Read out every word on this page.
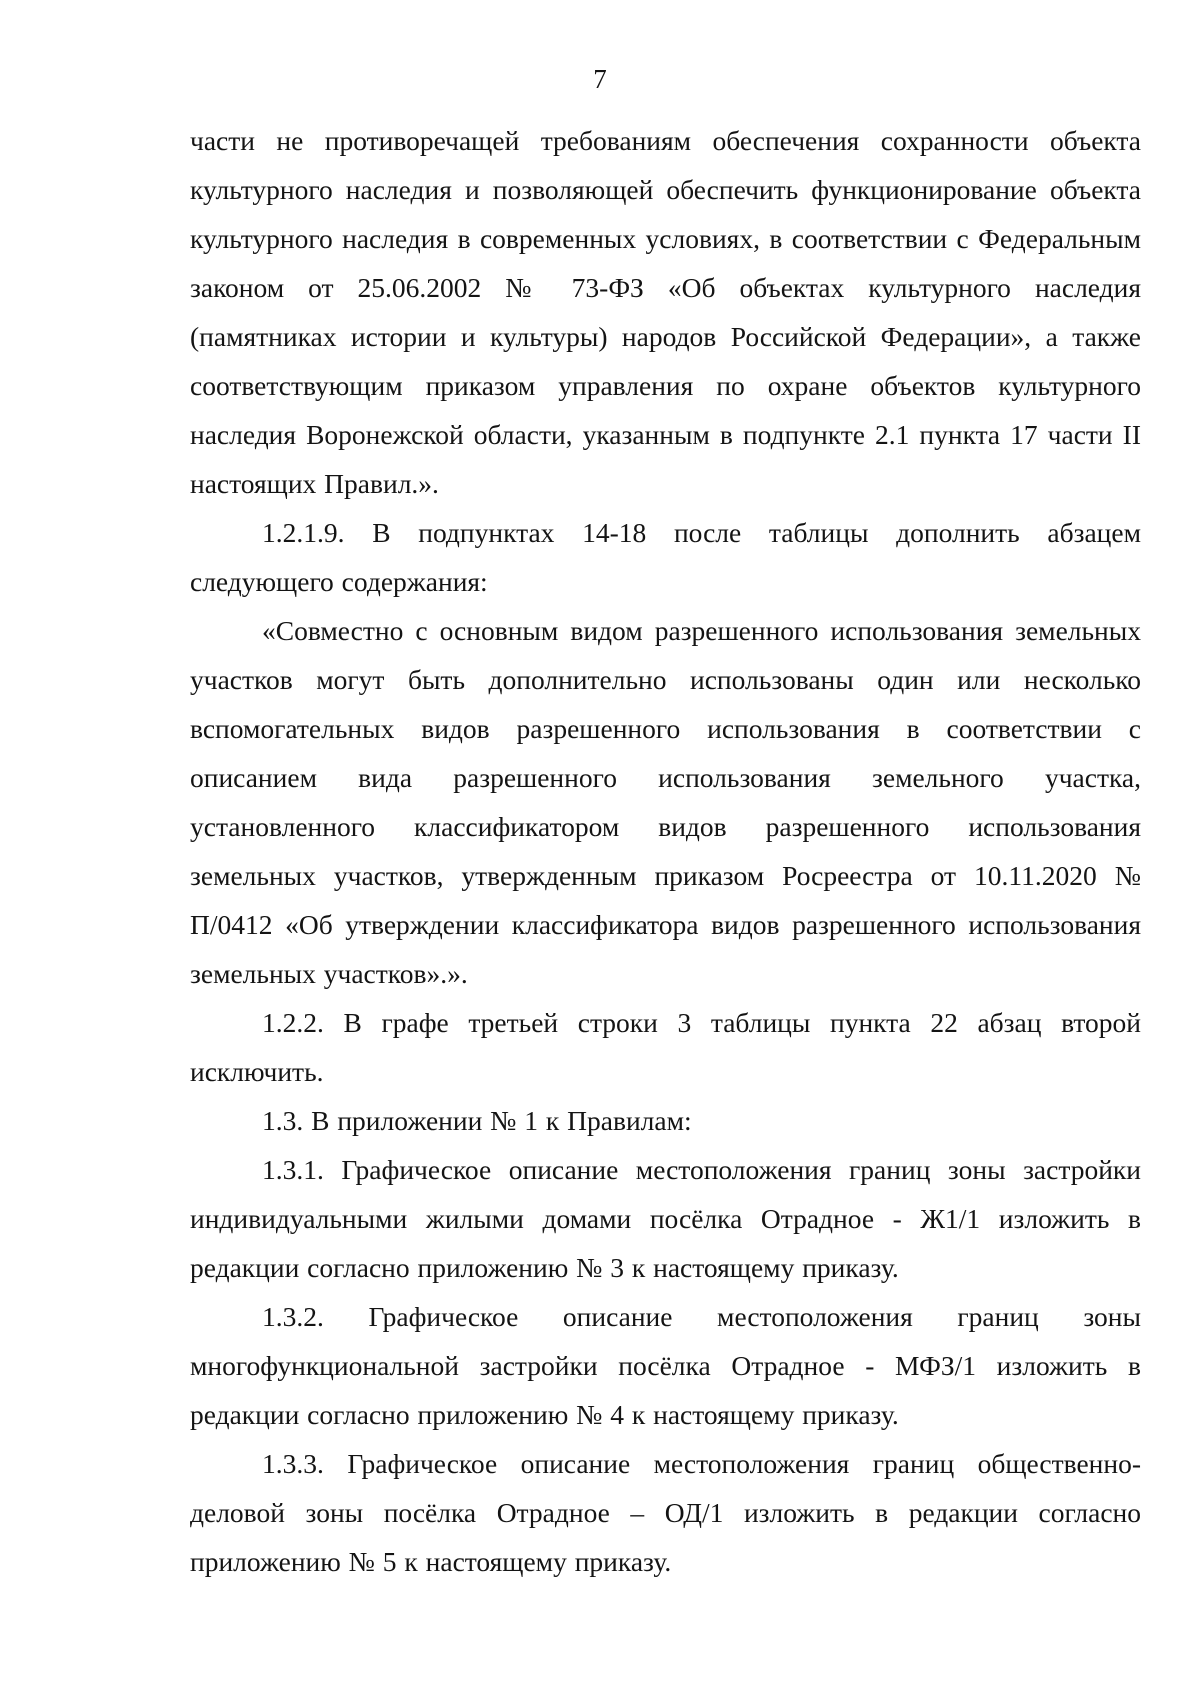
7

части не противоречащей требованиям обеспечения сохранности объекта культурного наследия и позволяющей обеспечить функционирование объекта культурного наследия в современных условиях, в соответствии с Федеральным законом от 25.06.2002 № 73-ФЗ «Об объектах культурного наследия (памятниках истории и культуры) народов Российской Федерации», а также соответствующим приказом управления по охране объектов культурного наследия Воронежской области, указанным в подпункте 2.1 пункта 17 части II настоящих Правил.».

1.2.1.9. В подпунктах 14-18 после таблицы дополнить абзацем следующего содержания:

«Совместно с основным видом разрешенного использования земельных участков могут быть дополнительно использованы один или несколько вспомогательных видов разрешенного использования в соответствии с описанием вида разрешенного использования земельного участка, установленного классификатором видов разрешенного использования земельных участков, утвержденным приказом Росреестра от 10.11.2020 № П/0412 «Об утверждении классификатора видов разрешенного использования земельных участков».».

1.2.2. В графе третьей строки 3 таблицы пункта 22 абзац второй исключить.

1.3. В приложении № 1 к Правилам:

1.3.1. Графическое описание местоположения границ зоны застройки индивидуальными жилыми домами посёлка Отрадное - Ж1/1 изложить в редакции согласно приложению № 3 к настоящему приказу.

1.3.2. Графическое описание местоположения границ зоны многофункциональной застройки посёлка Отрадное - МФЗ/1 изложить в редакции согласно приложению № 4 к настоящему приказу.

1.3.3. Графическое описание местоположения границ общественно-деловой зоны посёлка Отрадное – ОД/1 изложить в редакции согласно приложению № 5 к настоящему приказу.
